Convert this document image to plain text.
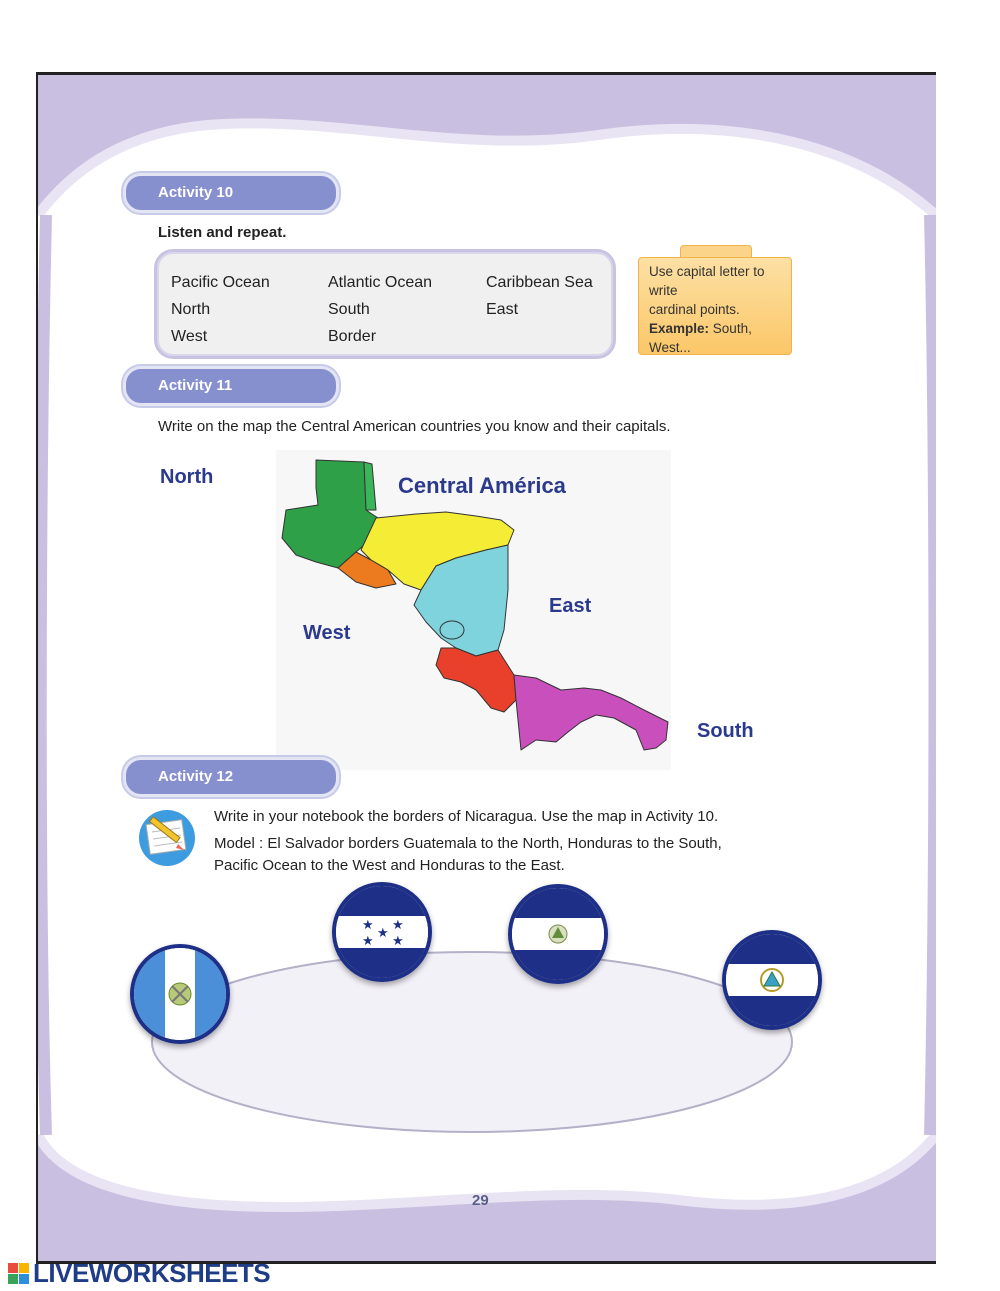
Activity 10
Listen and repeat.
Pacific Ocean
North
West
Atlantic Ocean
South
Border
Caribbean Sea
East
Use capital letter to write
cardinal points.
Example: South, West...
Activity 11
Write on the map the Central American countries you know and their capitals.
North	Central América
East
West
South
Activity 12
Write in your notebook the borders of Nicaragua. Use the map in Activity 10.
Model : El Salvador borders Guatemala to the North, Honduras to the South,
Pacific Ocean to the West and Honduras to the East.
★ ★
★
★ ★
29
LIVEWORKSHEETS
